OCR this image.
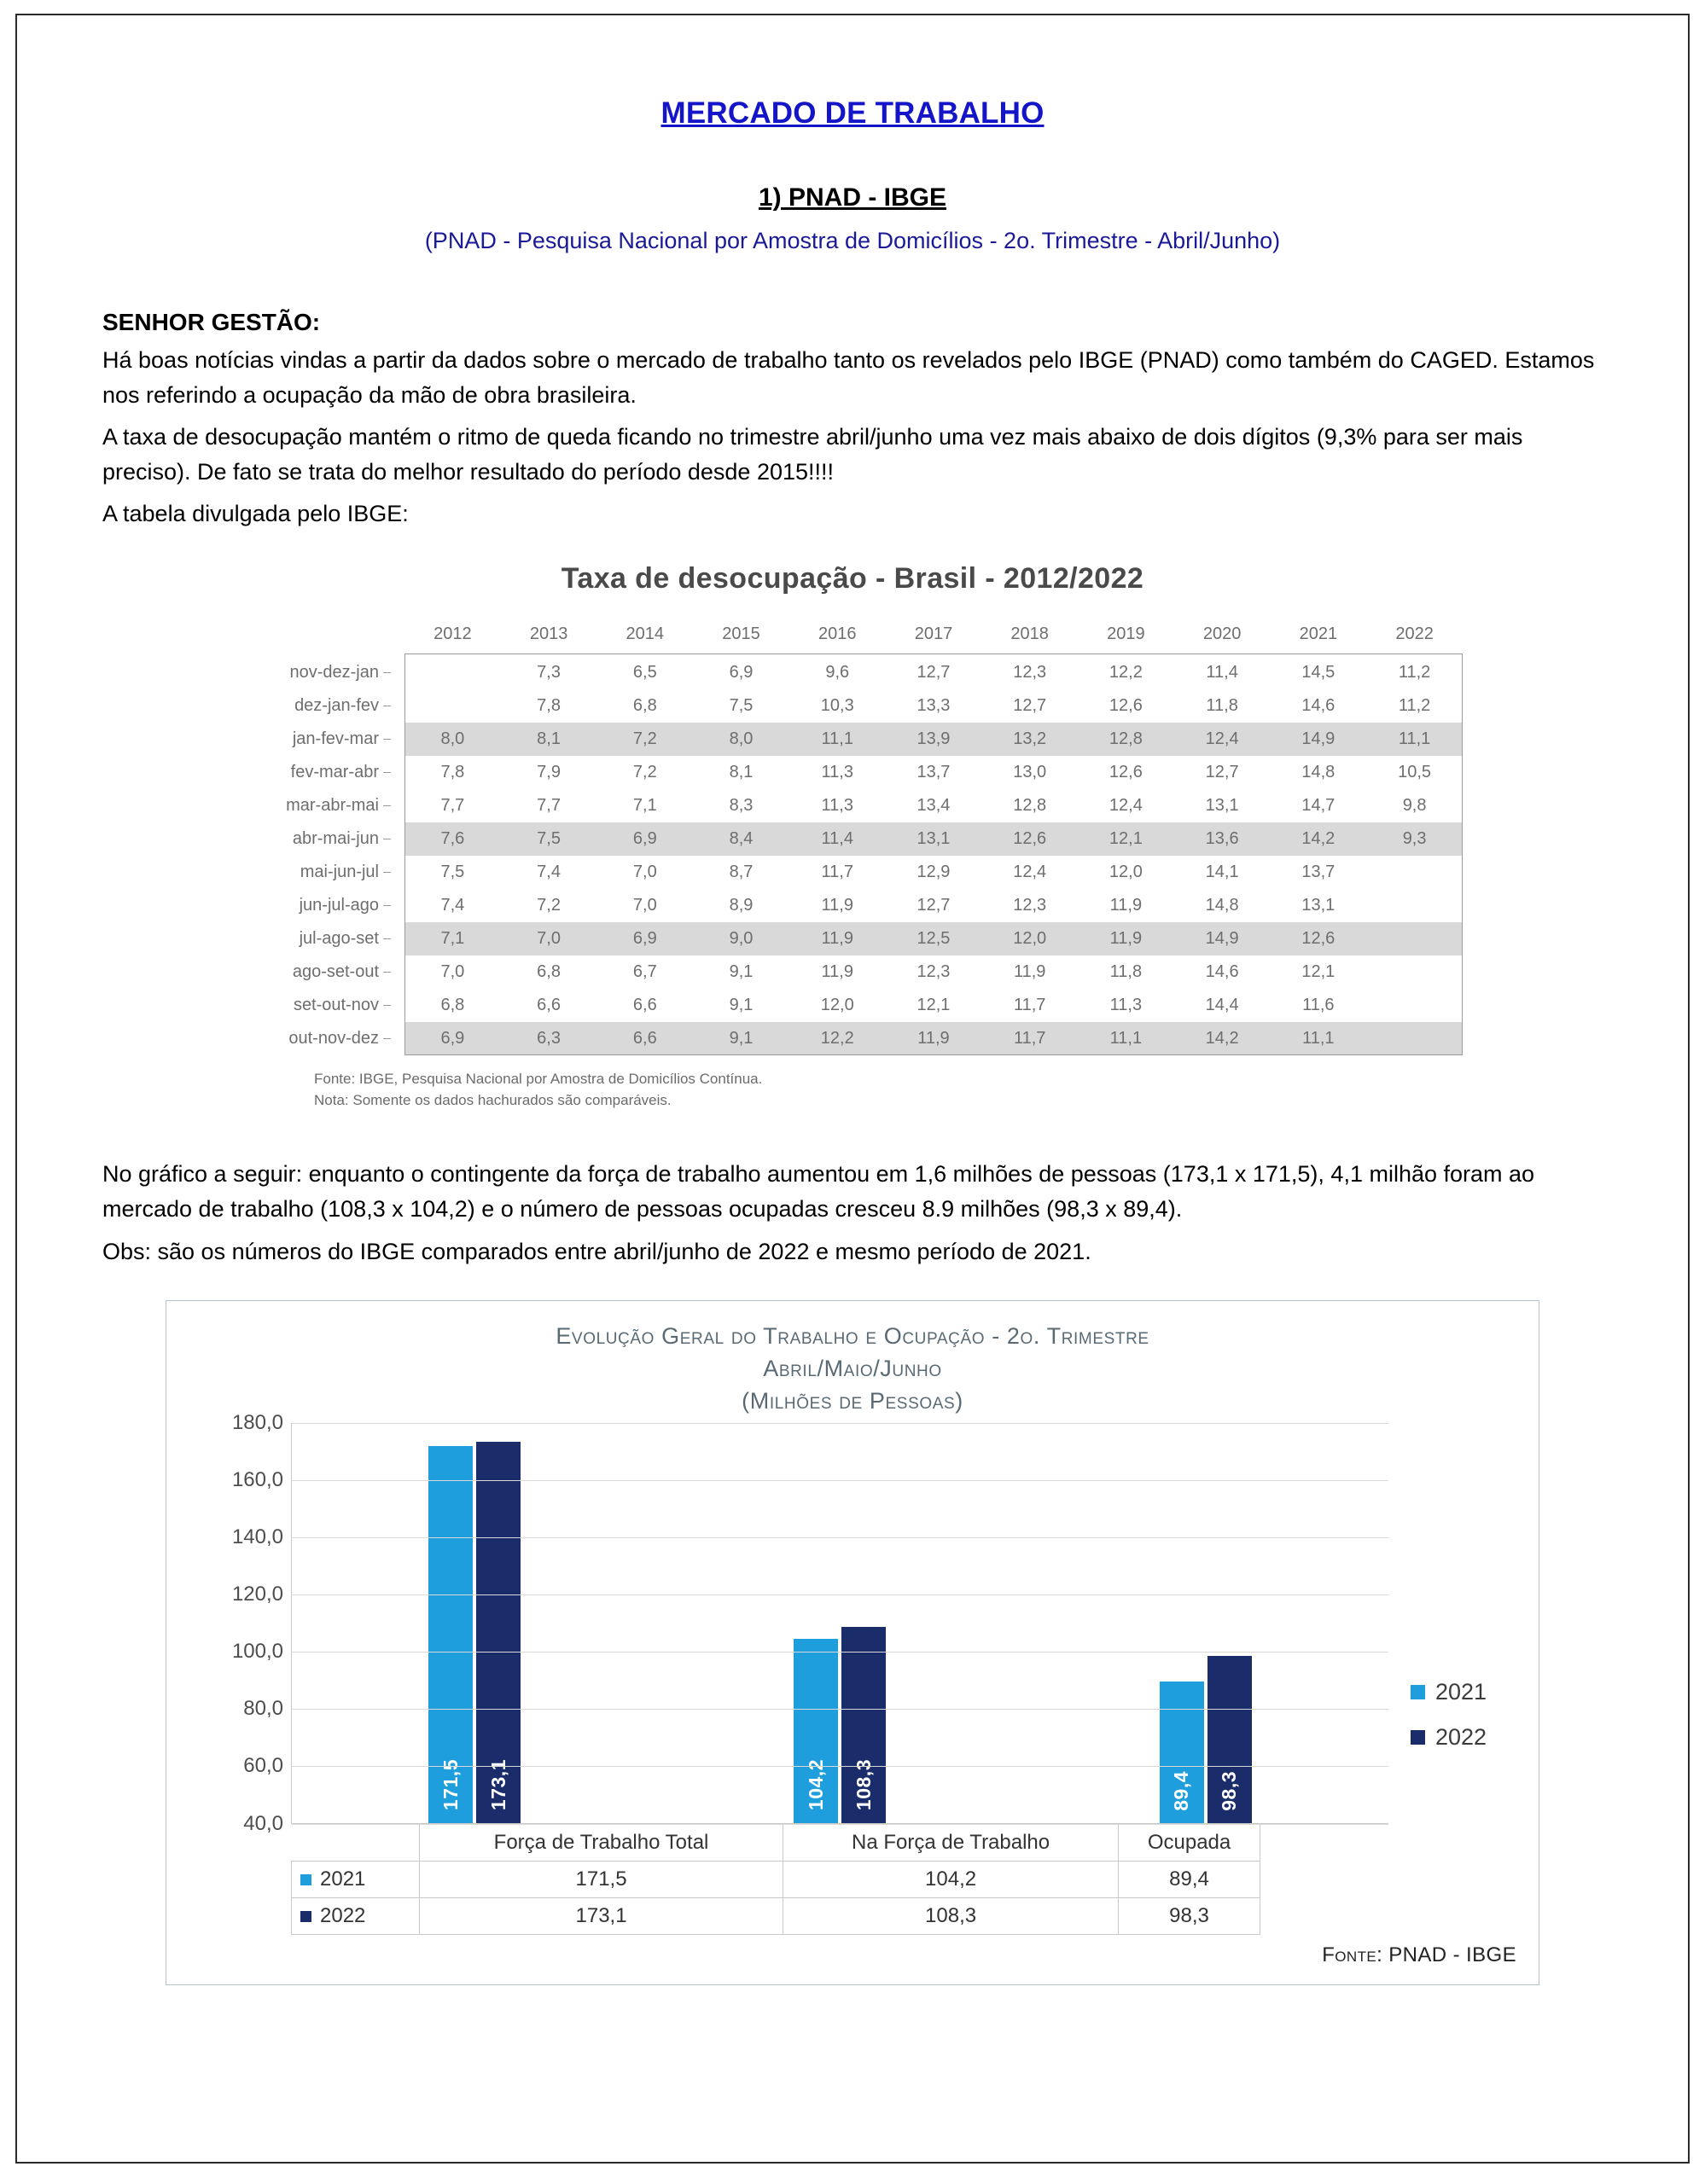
MERCADO DE TRABALHO
1) PNAD - IBGE
(PNAD - Pesquisa Nacional por Amostra de Domicílios - 2o. Trimestre - Abril/Junho)
SENHOR GESTÃO:

Há boas notícias vindas a partir da dados sobre o mercado de trabalho tanto os revelados pelo IBGE (PNAD) como também do CAGED. Estamos nos referindo a ocupação da mão de obra brasileira.

A taxa de desocupação mantém o ritmo de queda ficando no trimestre abril/junho uma vez mais abaixo de dois dígitos (9,3% para ser mais preciso). De fato se trata do melhor resultado do período desde 2015!!!!

A tabela divulgada pelo IBGE:

Taxa de desocupação - Brasil - 2012/2022
	2012	2013	2014	2015	2016	2017	2018	2019	2020	2021	2022
nov-dez-jan		7,3	6,5	6,9	9,6	12,7	12,3	12,2	11,4	14,5	11,2
dez-jan-fev		7,8	6,8	7,5	10,3	13,3	12,7	12,6	11,8	14,6	11,2
jan-fev-mar	8,0	8,1	7,2	8,0	11,1	13,9	13,2	12,8	12,4	14,9	11,1
fev-mar-abr	7,8	7,9	7,2	8,1	11,3	13,7	13,0	12,6	12,7	14,8	10,5
mar-abr-mai	7,7	7,7	7,1	8,3	11,3	13,4	12,8	12,4	13,1	14,7	9,8
abr-mai-jun	7,6	7,5	6,9	8,4	11,4	13,1	12,6	12,1	13,6	14,2	9,3
mai-jun-jul	7,5	7,4	7,0	8,7	11,7	12,9	12,4	12,0	14,1	13,7	
jun-jul-ago	7,4	7,2	7,0	8,9	11,9	12,7	12,3	11,9	14,8	13,1	
jul-ago-set	7,1	7,0	6,9	9,0	11,9	12,5	12,0	11,9	14,9	12,6	
ago-set-out	7,0	6,8	6,7	9,1	11,9	12,3	11,9	11,8	14,6	12,1	
set-out-nov	6,8	6,6	6,6	9,1	12,0	12,1	11,7	11,3	14,4	11,6	
out-nov-dez	6,9	6,3	6,6	9,1	12,2	11,9	11,7	11,1	14,2	11,1	
Fonte: IBGE, Pesquisa Nacional por Amostra de Domicílios Contínua.
Nota: Somente os dados hachurados são comparáveis.

No gráfico a seguir: enquanto o contingente da força de trabalho aumentou em 1,6 milhões de pessoas (173,1 x 171,5), 4,1 milhão foram ao mercado de trabalho (108,3 x 104,2) e o número de pessoas ocupadas cresceu 8.9 milhões (98,3 x 89,4).

Obs: são os números do IBGE comparados entre abril/junho de 2022 e mesmo período de 2021.

Evolução Geral do Trabalho e Ocupação - 2o. Trimestre
Abril/Maio/Junho
(Milhões de Pessoas)
171,5 173,1	104,2 108,3	89,4 98,3
180,0
160,0
140,0
120,0
100,0
80,0
60,0
40,0
	Força de Trabalho Total	Na Força de Trabalho	Ocupada
2021	171,5	104,2	89,4
2022	173,1	108,3	98,3
2021
2022
Fonte: PNAD - IBGE
